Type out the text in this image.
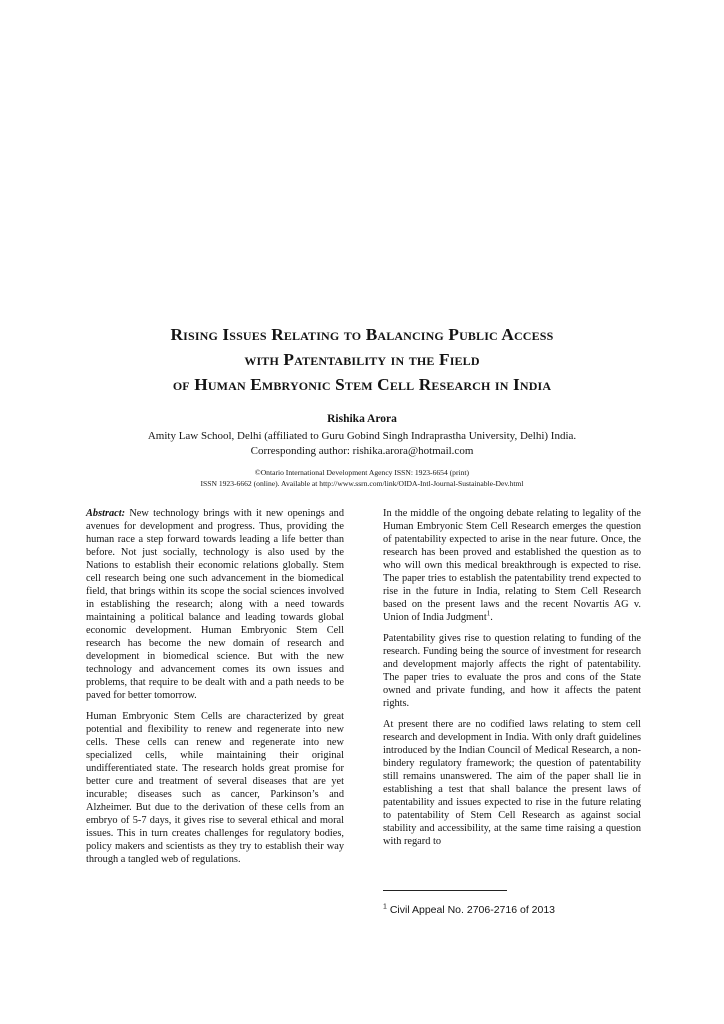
Rising Issues Relating to Balancing Public Access
with Patentability in the Field
of Human Embryonic Stem Cell Research in India
Rishika Arora
Amity Law School, Delhi (affiliated to Guru Gobind Singh Indraprastha University, Delhi) India.
Corresponding author: rishika.arora@hotmail.com
©Ontario International Development Agency ISSN: 1923-6654 (print)
ISSN 1923-6662 (online). Available at http://www.ssrn.com/link/OIDA-Intl-Journal-Sustainable-Dev.html

Abstract: New technology brings with it new openings and avenues for development and progress. Thus, providing the human race a step forward towards leading a life better than before. Not just socially, technology is also used by the Nations to establish their economic relations globally. Stem cell research being one such advancement in the biomedical field, that brings within its scope the social sciences involved in establishing the research; along with a need towards maintaining a political balance and leading towards global economic development. Human Embryonic Stem Cell research has become the new domain of research and development in biomedical science. But with the new technology and advancement comes its own issues and problems, that require to be dealt with and a path needs to be paved for better tomorrow.

Human Embryonic Stem Cells are characterized by great potential and flexibility to renew and regenerate into new cells. These cells can renew and regenerate into new specialized cells, while maintaining their original undifferentiated state. The research holds great promise for better cure and treatment of several diseases that are yet incurable; diseases such as cancer, Parkinson’s and Alzheimer. But due to the derivation of these cells from an embryo of 5-7 days, it gives rise to several ethical and moral issues. This in turn creates challenges for regulatory bodies, policy makers and scientists as they try to establish their way through a tangled web of regulations.

In the middle of the ongoing debate relating to legality of the Human Embryonic Stem Cell Research emerges the question of patentability expected to arise in the near future. Once, the research has been proved and established the question as to who will own this medical breakthrough is expected to rise. The paper tries to establish the patentability trend expected to rise in the future in India, relating to Stem Cell Research based on the present laws and the recent Novartis AG v. Union of India Judgment$^1$.

Patentability gives rise to question relating to funding of the research. Funding being the source of investment for research and development majorly affects the right of patentability. The paper tries to evaluate the pros and cons of the State owned and private funding, and how it affects the patent rights.

At present there are no codified laws relating to stem cell research and development in India. With only draft guidelines introduced by the Indian Council of Medical Research, a non-bindery regulatory framework; the question of patentability still remains unanswered. The aim of the paper shall lie in establishing a test that shall balance the present laws of patentability and issues expected to rise in the future relating to patentability of Stem Cell Research as against social stability and accessibility, at the same time raising a question with regard to

$^1$ Civil Appeal No. 2706-2716 of 2013
